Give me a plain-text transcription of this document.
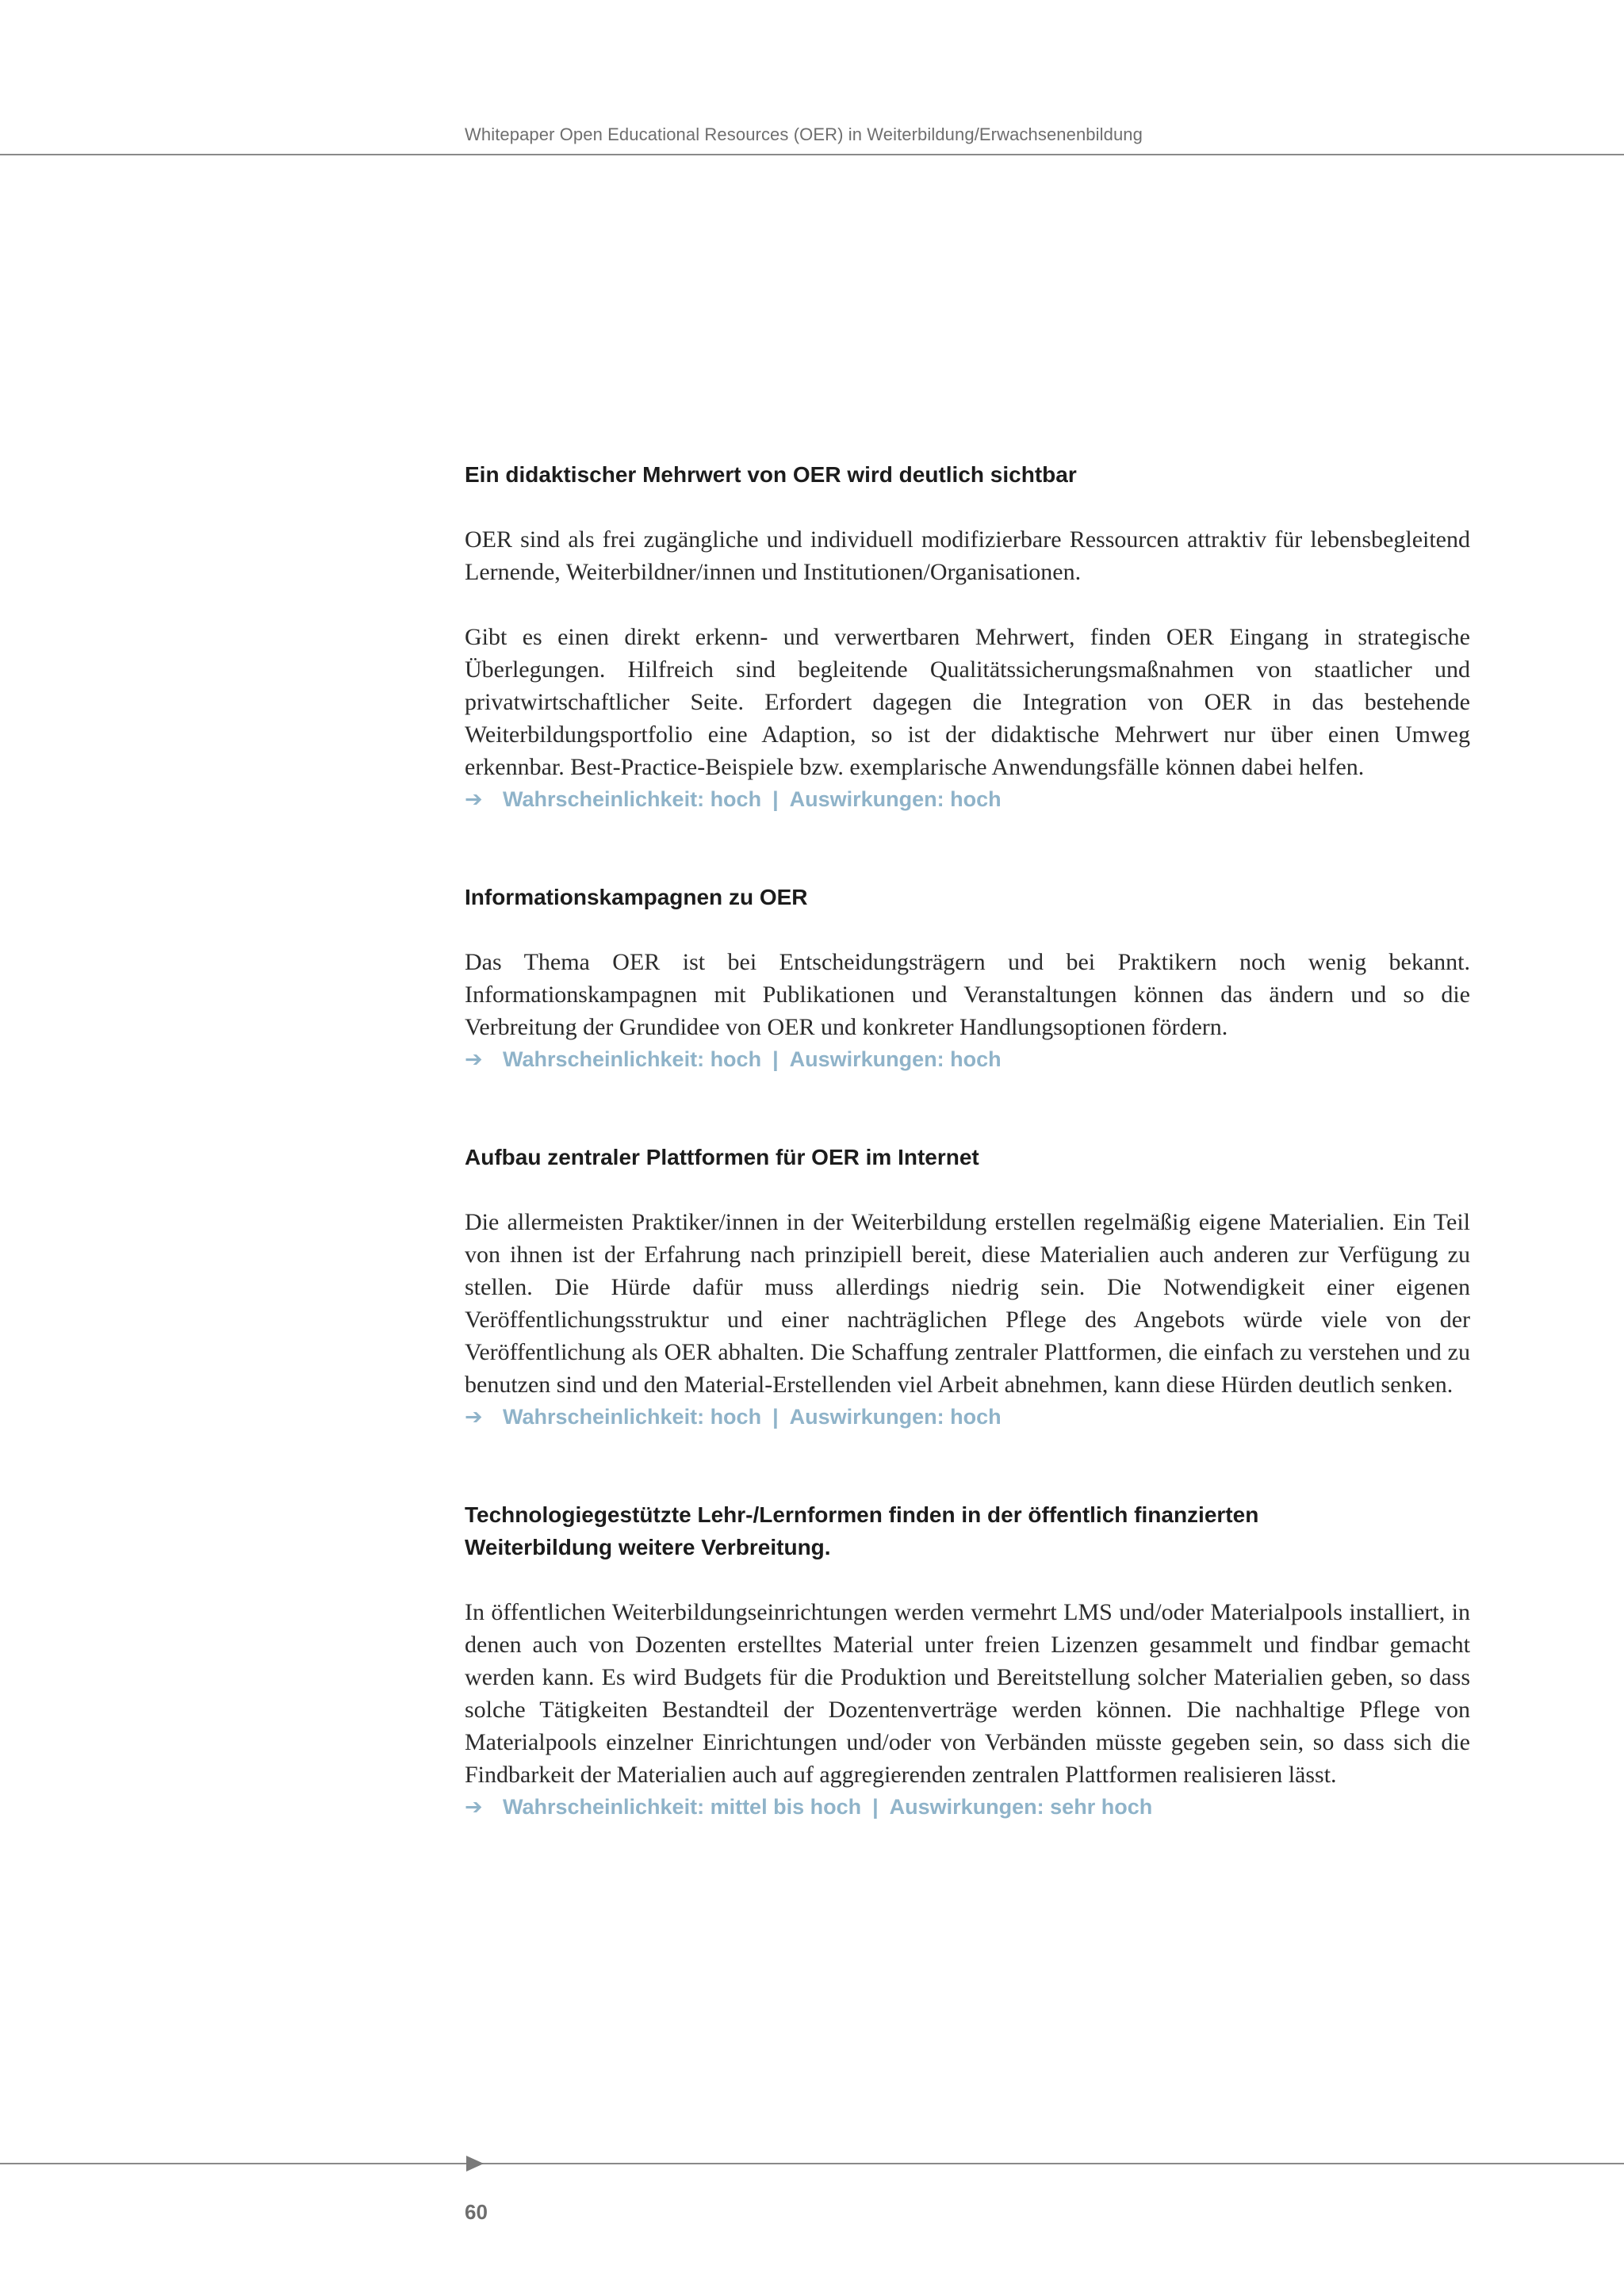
Whitepaper Open Educational Resources (OER) in Weiterbildung/Erwachsenenbildung
Ein didaktischer Mehrwert von OER wird deutlich sichtbar

OER sind als frei zugängliche und individuell modifizierbare Ressourcen attraktiv für lebensbegleitend Lernende, Weiterbildner/innen und Institutionen/Organisationen.

Gibt es einen direkt erkenn- und verwertbaren Mehrwert, finden OER Eingang in strategische Überlegungen. Hilfreich sind begleitende Qualitätssicherungsmaßnahmen von staatlicher und privatwirtschaftlicher Seite. Erfordert dagegen die Integration von OER in das bestehende Weiterbildungsportfolio eine Adaption, so ist der didaktische Mehrwert nur über einen Umweg erkennbar. Best-Practice-Beispiele bzw. exemplarische Anwendungsfälle können dabei helfen.

➔ Wahrscheinlichkeit: hoch | Auswirkungen: hoch
Informationskampagnen zu OER

Das Thema OER ist bei Entscheidungsträgern und bei Praktikern noch wenig bekannt. Informationskampagnen mit Publikationen und Veranstaltungen können das ändern und so die Verbreitung der Grundidee von OER und konkreter Handlungsoptionen fördern.

➔ Wahrscheinlichkeit: hoch | Auswirkungen: hoch
Aufbau zentraler Plattformen für OER im Internet

Die allermeisten Praktiker/innen in der Weiterbildung erstellen regelmäßig eigene Materialien. Ein Teil von ihnen ist der Erfahrung nach prinzipiell bereit, diese Materialien auch anderen zur Verfügung zu stellen. Die Hürde dafür muss allerdings niedrig sein. Die Notwendigkeit einer eigenen Veröffentlichungsstruktur und einer nachträglichen Pflege des Angebots würde viele von der Veröffentlichung als OER abhalten. Die Schaffung zentraler Plattformen, die einfach zu verstehen und zu benutzen sind und den Material-Erstellenden viel Arbeit abnehmen, kann diese Hürden deutlich senken.

➔ Wahrscheinlichkeit: hoch | Auswirkungen: hoch
Technologiegestützte Lehr-/Lernformen finden in der öffentlich finanzierten Weiterbildung weitere Verbreitung.

In öffentlichen Weiterbildungseinrichtungen werden vermehrt LMS und/oder Materialpools installiert, in denen auch von Dozenten erstelltes Material unter freien Lizenzen gesammelt und findbar gemacht werden kann. Es wird Budgets für die Produktion und Bereitstellung solcher Materialien geben, so dass solche Tätigkeiten Bestandteil der Dozentenverträge werden können. Die nachhaltige Pflege von Materialpools einzelner Einrichtungen und/oder von Verbänden müsste gegeben sein, so dass sich die Findbarkeit der Materialien auch auf aggregierenden zentralen Plattformen realisieren lässt.

➔ Wahrscheinlichkeit: mittel bis hoch | Auswirkungen: sehr hoch
60
